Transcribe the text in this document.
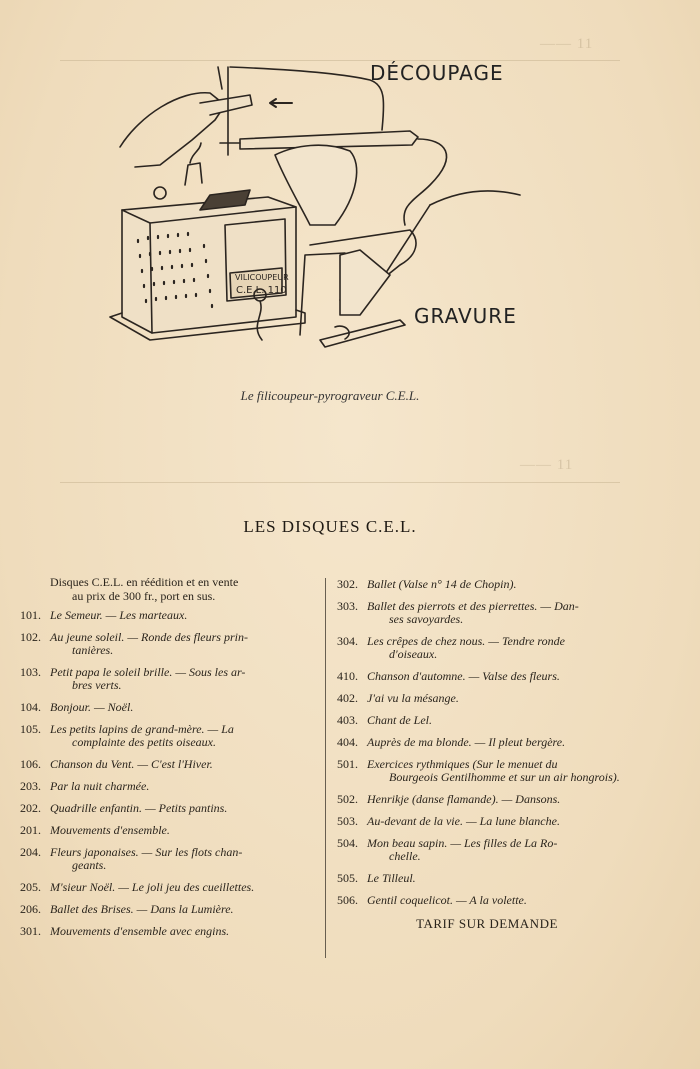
—— 11
—— 11
VILICOUPEUR
C.E.L. 110
DÉCOUPAGE
GRAVURE
Le filicoupeur-pyrograveur C.E.L.
LES DISQUES C.E.L.
Disques C.E.L. en réédition et en vente
au prix de 300 fr., port en sus.
101. Le Semeur. — Les marteaux.
102. Au jeune soleil. — Ronde des fleurs prin-
tanières.
103. Petit papa le soleil brille. — Sous les ar-
bres verts.
104. Bonjour. — Noël.
105. Les petits lapins de grand-mère. — La
complainte des petits oiseaux.
106. Chanson du Vent. — C'est l'Hiver.
203. Par la nuit charmée.
202. Quadrille enfantin. — Petits pantins.
201. Mouvements d'ensemble.
204. Fleurs japonaises. — Sur les flots chan-
geants.
205. M'sieur Noël. — Le joli jeu des cueillettes.
206. Ballet des Brises. — Dans la Lumière.
301. Mouvements d'ensemble avec engins.
302. Ballet (Valse n° 14 de Chopin).
303. Ballet des pierrots et des pierrettes. — Dan-
ses savoyardes.
304. Les crêpes de chez nous. — Tendre ronde
d'oiseaux.
410. Chanson d'automne. — Valse des fleurs.
402. J'ai vu la mésange.
403. Chant de Lel.
404. Auprès de ma blonde. — Il pleut bergère.
501. Exercices rythmiques (Sur le menuet du
Bourgeois Gentilhomme et sur un air hongrois).
502. Henrikje (danse flamande). — Dansons.
503. Au-devant de la vie. — La lune blanche.
504. Mon beau sapin. — Les filles de La Ro-
chelle.
505. Le Tilleul.
506. Gentil coquelicot. — A la volette.
TARIF SUR DEMANDE
